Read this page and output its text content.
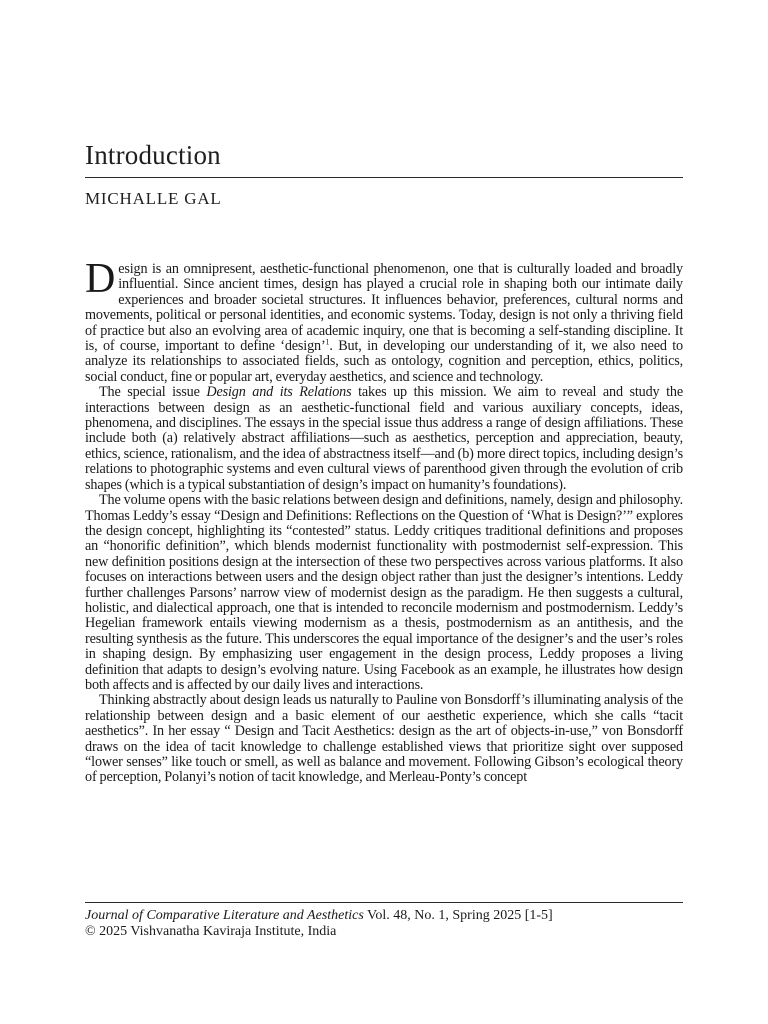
Introduction
MICHALLE GAL

Design is an omnipresent, aesthetic-functional phenomenon, one that is culturally loaded and broadly influential. Since ancient times, design has played a crucial role in shaping both our intimate daily experiences and broader societal structures. It influences behavior, preferences, cultural norms and movements, political or personal identities, and economic systems. Today, design is not only a thriving field of practice but also an evolving area of academic inquiry, one that is becoming a self-standing discipline. It is, of course, important to define ‘design’$^1$. But, in developing our understanding of it, we also need to analyze its relationships to associated fields, such as ontology, cognition and perception, ethics, politics, social conduct, fine or popular art, everyday aesthetics, and science and technology.

The special issue Design and its Relations takes up this mission. We aim to reveal and study the interactions between design as an aesthetic-functional field and various auxiliary concepts, ideas, phenomena, and disciplines. The essays in the special issue thus address a range of design affiliations. These include both (a) relatively abstract affiliations—such as aesthetics, perception and appreciation, beauty, ethics, science, rationalism, and the idea of abstractness itself—and (b) more direct topics, including design’s relations to photographic systems and even cultural views of parenthood given through the evolution of crib shapes (which is a typical substantiation of design’s impact on humanity’s foundations).

The volume opens with the basic relations between design and definitions, namely, design and philosophy. Thomas Leddy’s essay “Design and Definitions: Reflections on the Question of ‘What is Design?’” explores the design concept, highlighting its “contested” status. Leddy critiques traditional definitions and proposes an “honorific definition”, which blends modernist functionality with postmodernist self-expression. This new definition positions design at the intersection of these two perspectives across various platforms. It also focuses on interactions between users and the design object rather than just the designer’s intentions. Leddy further challenges Parsons’ narrow view of modernist design as the paradigm. He then suggests a cultural, holistic, and dialectical approach, one that is intended to reconcile modernism and postmodernism. Leddy’s Hegelian framework entails viewing modernism as a thesis, postmodernism as an antithesis, and the resulting synthesis as the future. This underscores the equal importance of the designer’s and the user’s roles in shaping design. By emphasizing user engagement in the design process, Leddy proposes a living definition that adapts to design’s evolving nature. Using Facebook as an example, he illustrates how design both affects and is affected by our daily lives and interactions.

Thinking abstractly about design leads us naturally to Pauline von Bonsdorff’s illuminating analysis of the relationship between design and a basic element of our aesthetic experience, which she calls “tacit aesthetics”. In her essay “ Design and Tacit Aesthetics: design as the art of objects-in-use,” von Bonsdorff draws on the idea of tacit knowledge to challenge established views that prioritize sight over supposed “lower senses” like touch or smell, as well as balance and movement. Following Gibson’s ecological theory of perception, Polanyi’s notion of tacit knowledge, and Merleau-Ponty’s concept

Journal of Comparative Literature and Aesthetics Vol. 48, No. 1, Spring 2025 [1-5]
© 2025 Vishvanatha Kaviraja Institute, India
